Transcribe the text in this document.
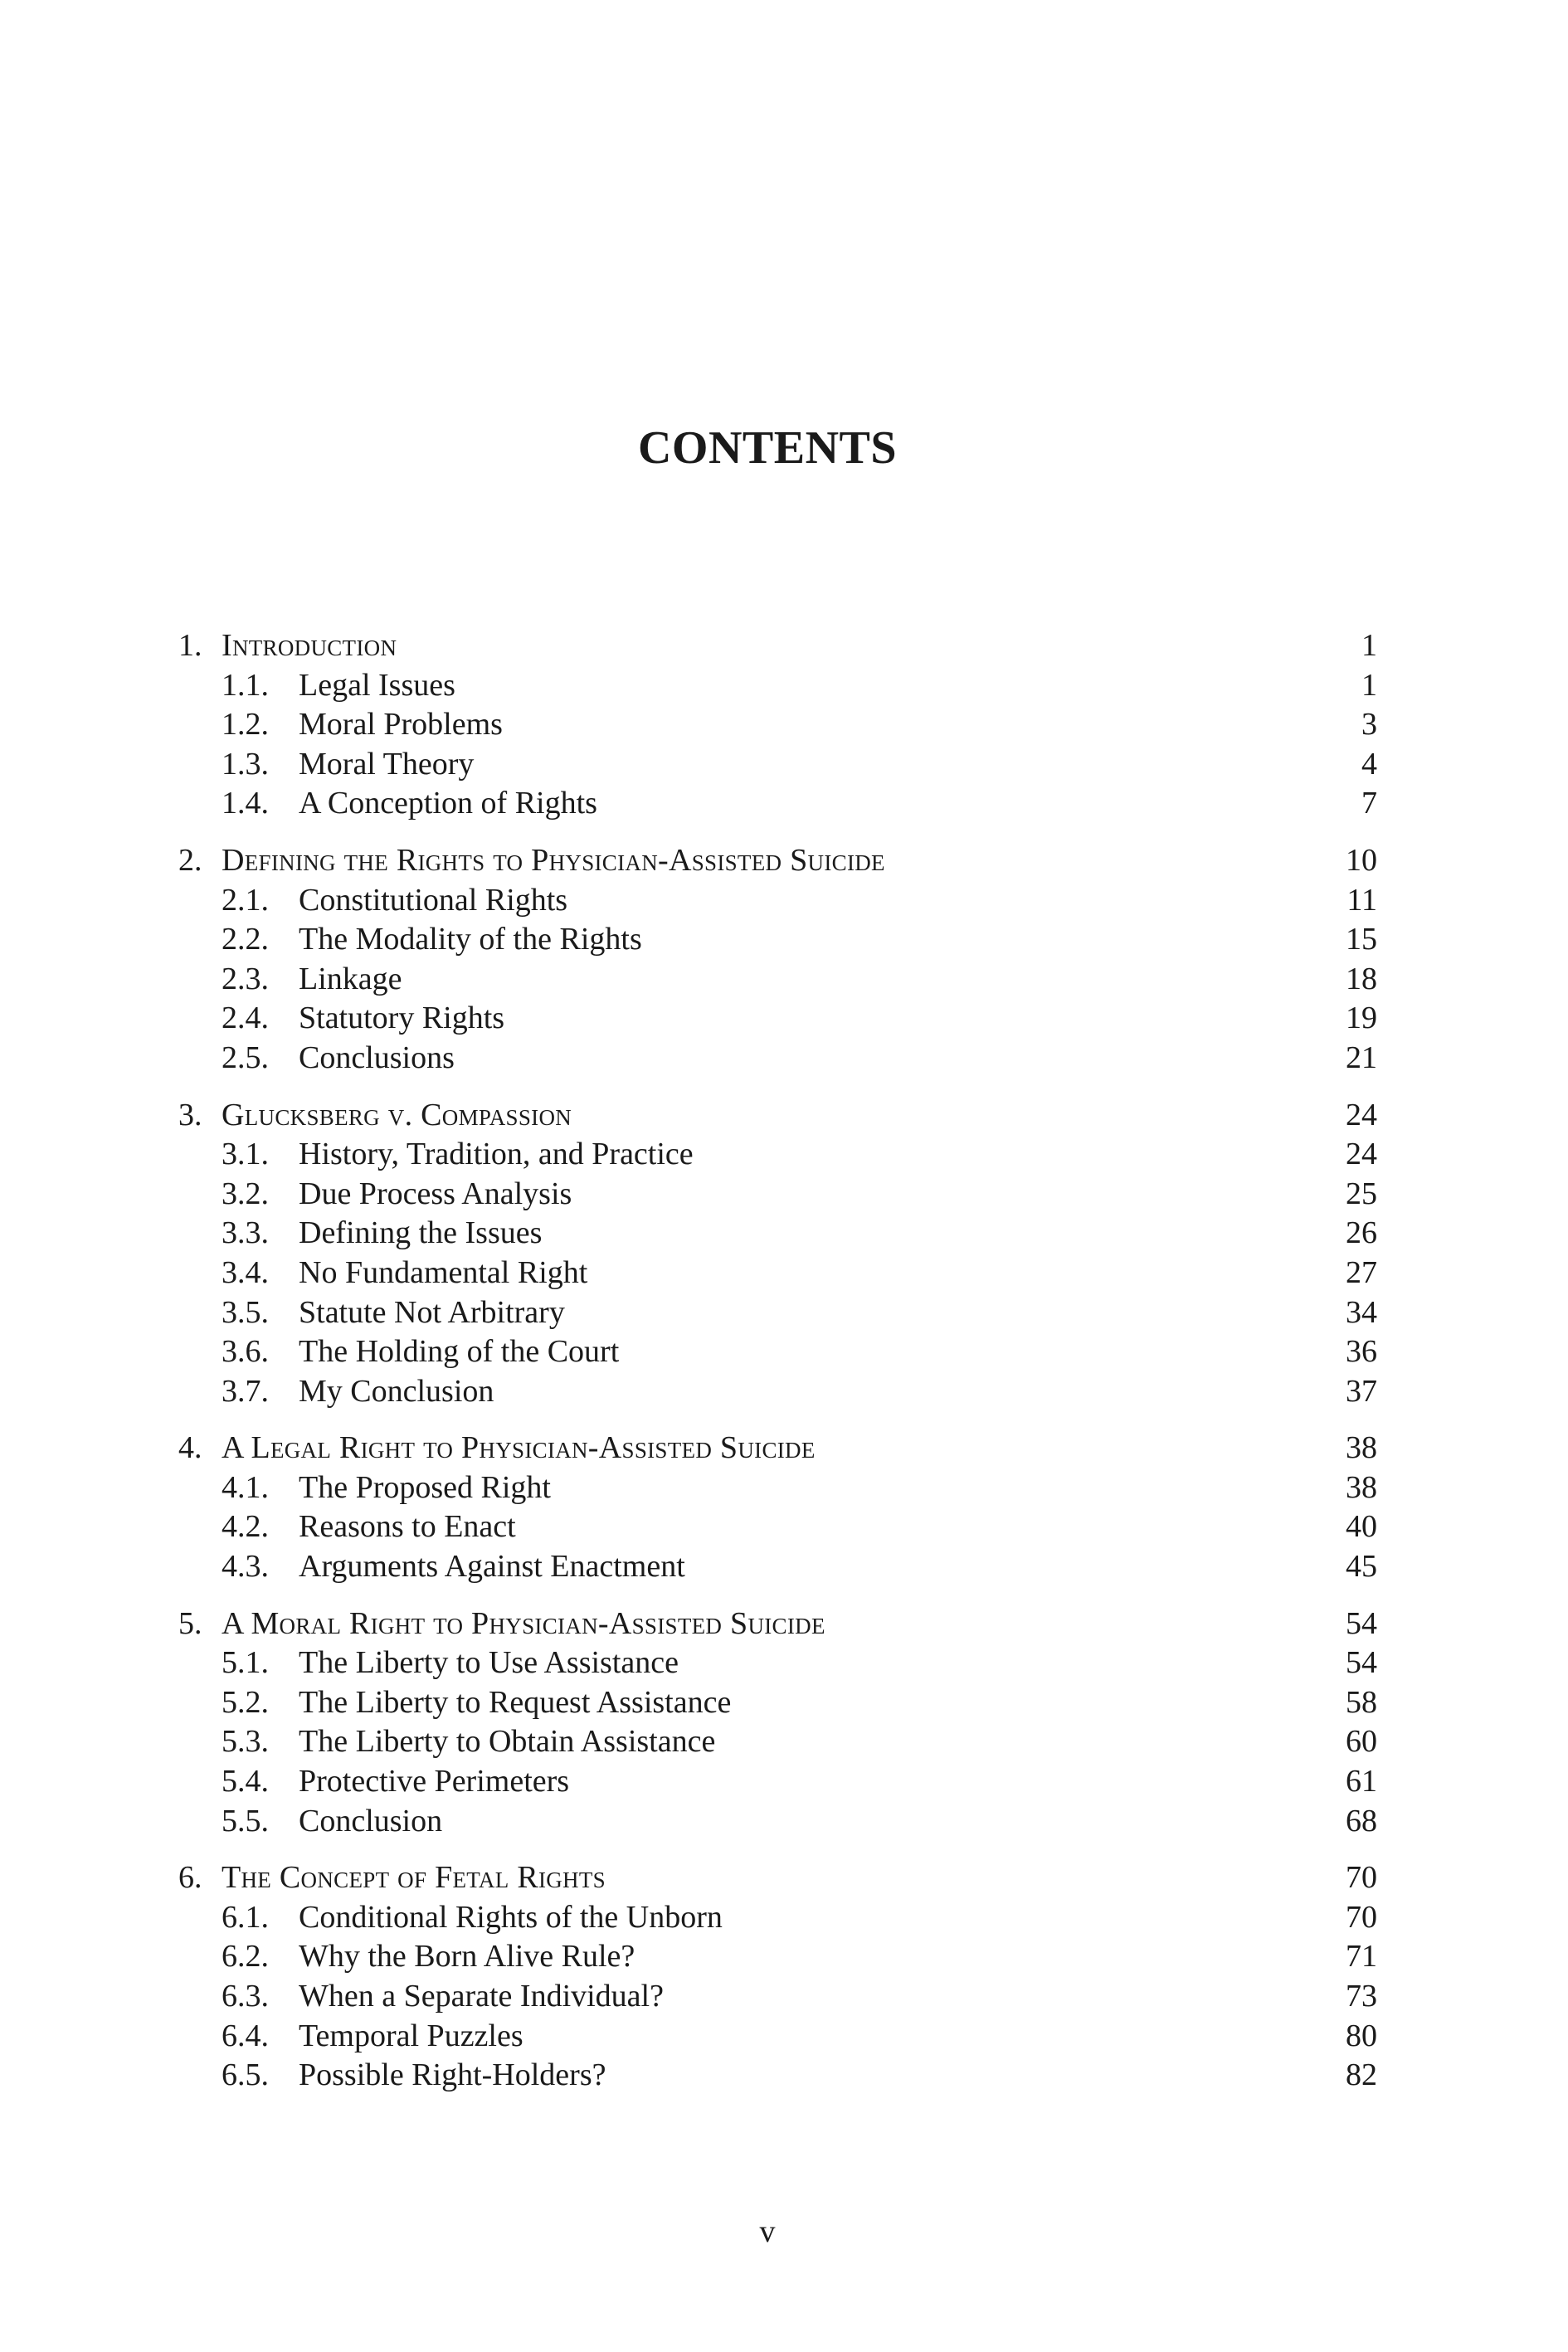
CONTENTS
1. Introduction	1
1.1. Legal Issues	1
1.2. Moral Problems	3
1.3. Moral Theory	4
1.4. A Conception of Rights	7
2. Defining the Rights to Physician-Assisted Suicide	10
2.1. Constitutional Rights	11
2.2. The Modality of the Rights	15
2.3. Linkage	18
2.4. Statutory Rights	19
2.5. Conclusions	21
3. Glucksberg v. Compassion	24
3.1. History, Tradition, and Practice	24
3.2. Due Process Analysis	25
3.3. Defining the Issues	26
3.4. No Fundamental Right	27
3.5. Statute Not Arbitrary	34
3.6. The Holding of the Court	36
3.7. My Conclusion	37
4. A Legal Right to Physician-Assisted Suicide	38
4.1. The Proposed Right	38
4.2. Reasons to Enact	40
4.3. Arguments Against Enactment	45
5. A Moral Right to Physician-Assisted Suicide	54
5.1. The Liberty to Use Assistance	54
5.2. The Liberty to Request Assistance	58
5.3. The Liberty to Obtain Assistance	60
5.4. Protective Perimeters	61
5.5. Conclusion	68
6. The Concept of Fetal Rights	70
6.1. Conditional Rights of the Unborn	70
6.2. Why the Born Alive Rule?	71
6.3. When a Separate Individual?	73
6.4. Temporal Puzzles	80
6.5. Possible Right-Holders?	82
v
